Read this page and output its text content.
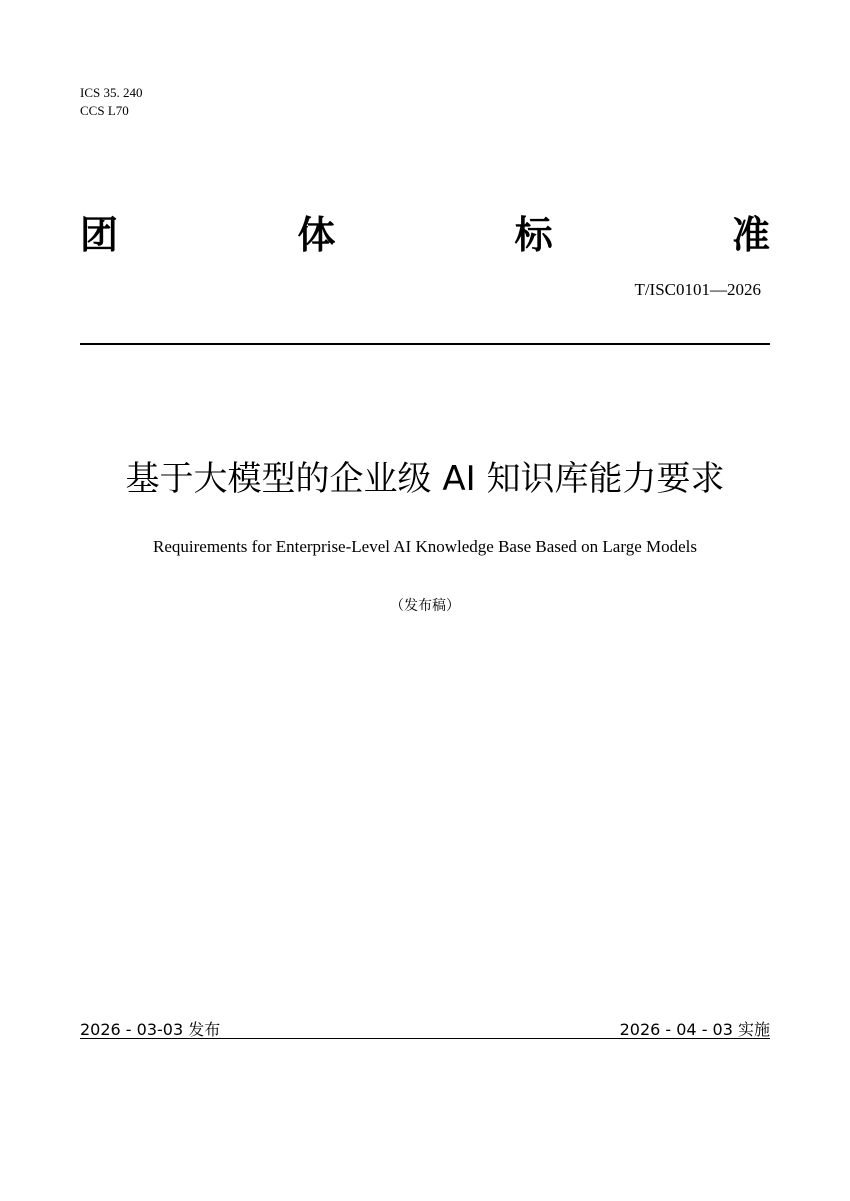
ICS 35. 240
CCS L70
团	体	标	准
T/ISC0101—2026
基于大模型的企业级 AI 知识库能力要求
Requirements for Enterprise-Level AI Knowledge Base Based on Large Models
（发布稿）
2026 - 03-03 发布	2026 - 04 - 03 实施
